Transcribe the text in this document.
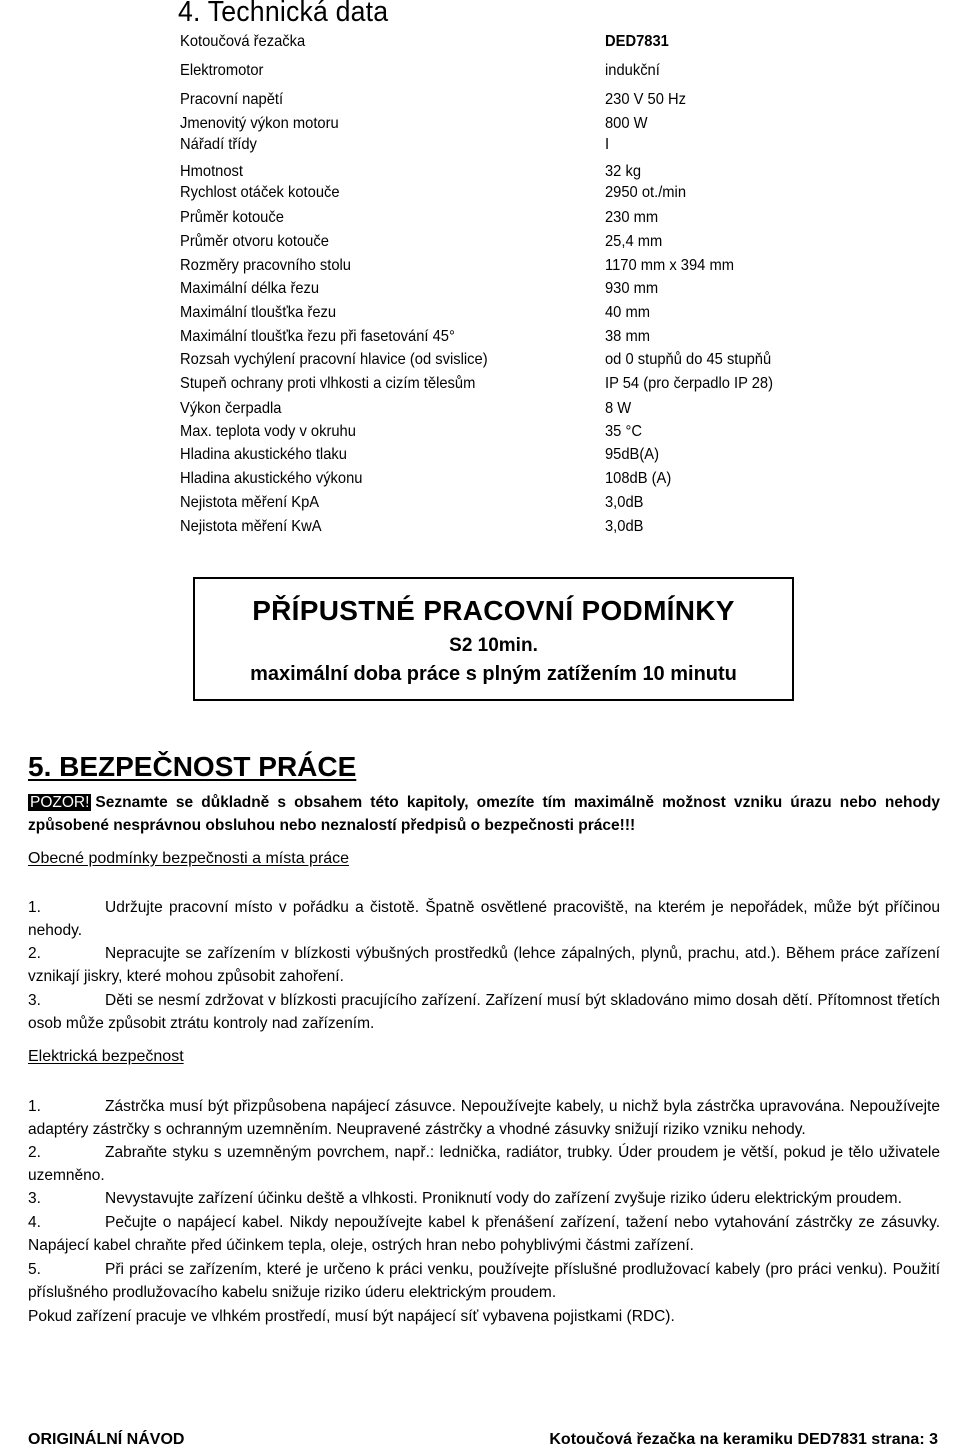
4. Technická data
Kotoučová řezačka	DED7831
Elektromotor	indukční
Pracovní napětí	230 V 50 Hz
Jmenovitý výkon motoru	800 W
Nářadí třídy	I
Hmotnost	32 kg
Rychlost otáček kotouče	2950 ot./min
Průměr kotouče	230 mm
Průměr otvoru kotouče	25,4 mm
Rozměry pracovního stolu	1170 mm x 394 mm
Maximální délka řezu	930 mm
Maximální tloušťka řezu	40 mm
Maximální tloušťka řezu při fasetování 45°	38 mm
Rozsah vychýlení pracovní hlavice (od svislice)	od 0 stupňů do 45 stupňů
Stupeň ochrany proti vlhkosti a cizím tělesům	IP 54 (pro čerpadlo IP 28)
Výkon čerpadla	8 W
Max. teplota vody v okruhu	35 °C
Hladina akustického tlaku	95dB(A)
Hladina akustického výkonu	108dB (A)
Nejistota měření KpA	3,0dB
Nejistota měření KwA	3,0dB
PŘÍPUSTNÉ PRACOVNÍ PODMÍNKY
S2 10min.
maximální doba práce s plným zatížením 10 minutu
5. BEZPEČNOST PRÁCE
POZOR! Seznamte se důkladně s obsahem této kapitoly, omezíte tím maximálně možnost vzniku úrazu nebo nehody způsobené nesprávnou obsluhou nebo neznalostí předpisů o bezpečnosti práce!!!
Obecné podmínky bezpečnosti a místa práce
1.	Udržujte pracovní místo v pořádku a čistotě. Špatně osvětlené pracoviště, na kterém je nepořádek, může být příčinou nehody.
2.	Nepracujte se zařízením v blízkosti výbušných prostředků (lehce zápalných, plynů, prachu, atd.). Během práce zařízení vznikají jiskry, které mohou způsobit zahoření.
3.	Děti se nesmí zdržovat v blízkosti pracujícího zařízení. Zařízení musí být skladováno mimo dosah dětí. Přítomnost třetích osob může způsobit ztrátu kontroly nad zařízením.
Elektrická bezpečnost
1.	Zástrčka musí být přizpůsobena napájecí zásuvce. Nepoužívejte kabely, u nichž byla zástrčka upravována. Nepoužívejte adaptéry zástrčky s ochranným uzemněním. Neupravené zástrčky a vhodné zásuvky snižují riziko vzniku nehody.
2.	Zabraňte styku s uzemněným povrchem, např.: lednička, radiátor, trubky. Úder proudem je větší, pokud je tělo uživatele uzemněno.
3.	Nevystavujte zařízení účinku deště a vlhkosti. Proniknutí vody do zařízení zvyšuje riziko úderu elektrickým proudem.
4.	Pečujte o napájecí kabel. Nikdy nepoužívejte kabel k přenášení zařízení, tažení nebo vytahování zástrčky ze zásuvky. Napájecí kabel chraňte před účinkem tepla, oleje, ostrých hran nebo pohyblivými částmi zařízení.
5.	Při práci se zařízením, které je určeno k práci venku, používejte příslušné prodlužovací kabely (pro práci venku). Použití příslušného prodlužovacího kabelu snižuje riziko úderu elektrickým proudem.
Pokud zařízení pracuje ve vlhkém prostředí, musí být napájecí síť vybavena pojistkami (RDC).
ORIGINÁLNÍ NÁVOD	Kotoučová řezačka na keramiku DED7831 strana: 3
